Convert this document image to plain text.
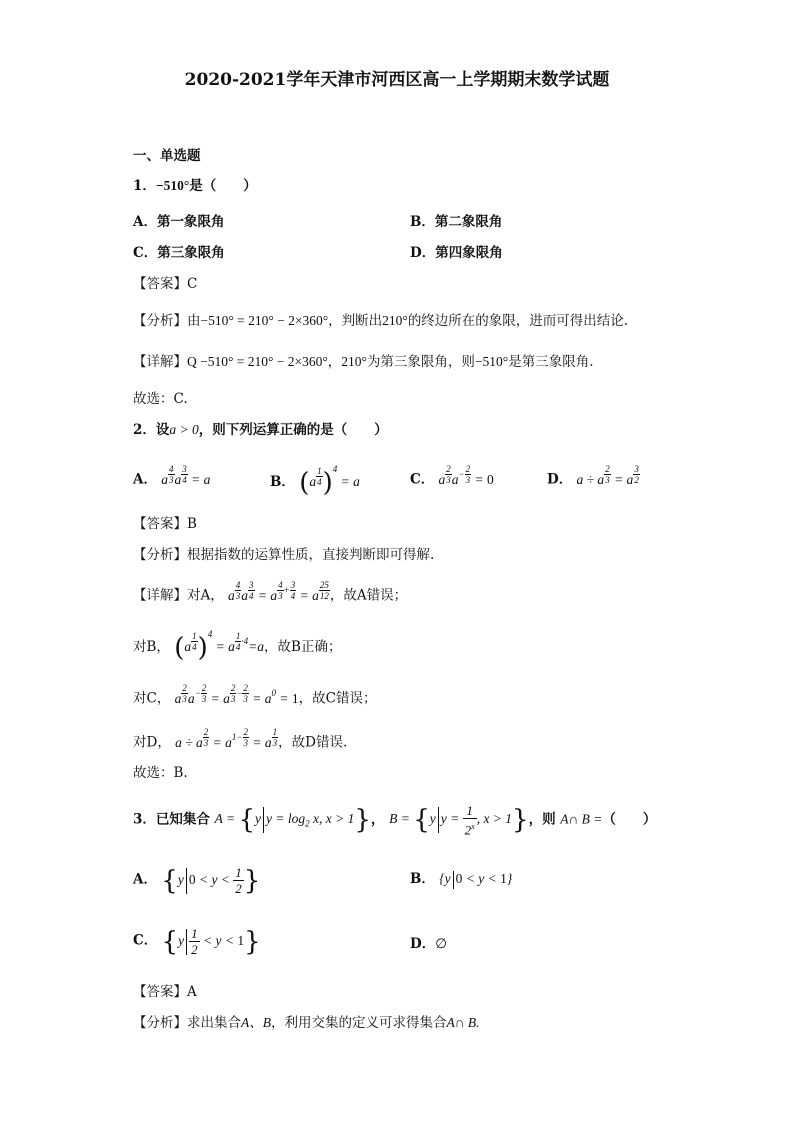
2020-2021学年天津市河西区高一上学期期末数学试题
一、单选题
1．−510°是（　　）
A．第一象限角	B．第二象限角
C．第三象限角	D．第四象限角
【答案】C
【分析】由−510° = 210° − 2×360°，判断出210°的终边所在的象限，进而可得出结论.
【详解】Q −510° = 210° − 2×360°，210°为第三象限角，则−510°是第三象限角.
故选：C.
2．设a > 0，则下列运算正确的是（　　）
A． a $^{\frac{4}{3}}$ a $^{\frac{3}{4}}$ = a	B． (a $^{\frac{1}{4}}$ )$^4$ = a	C． a $^{\frac{2}{3}}$ $a^{- \frac{2}{3}} = 0$	D． a ÷ a $^{\frac{2}{3}}$ = a $^{\frac{3}{2}}$
【答案】B
【分析】根据指数的运算性质，直接判断即可得解.
【详解】对A， a $^{\frac{4}{3}}$ a $^{\frac{3}{4}}$ = a $^{\frac{4}{3} + \frac{3}{4}}$ = a $^{\frac{25}{12}}$ ，故A错误；
对B， (a $^{\frac{1}{4}}$ )$^4$ = a $^{\frac{1}{4} \cdot 4}$=a，故B正确；
对C， a $^{\frac{2}{3}}$ $a^{- \frac{2}{3}} = a$ $^{\frac{2}{3} - \frac{2}{3}} = a^0 = 1$，故C错误；
对D， a ÷ a $^{\frac{2}{3}} = a^{1- \frac{2}{3}} = a$ $^{\frac{1}{3}}$ ，故D错误.
故选：B.
3．已知集合 A = {y $y = \log_2 x$, x > 1}， B = {y $y = \frac{1}{2^x}$ , x > 1}，则 A∩ B =（　　）
A． {y $0 < y < \frac{1}{2}$ }	B． {y 0 < y < 1}
C． $\{y \frac{1}{2} < y < 1\}$	D．∅
【答案】A
【分析】求出集合A、B，利用交集的定义可求得集合A∩ B.
